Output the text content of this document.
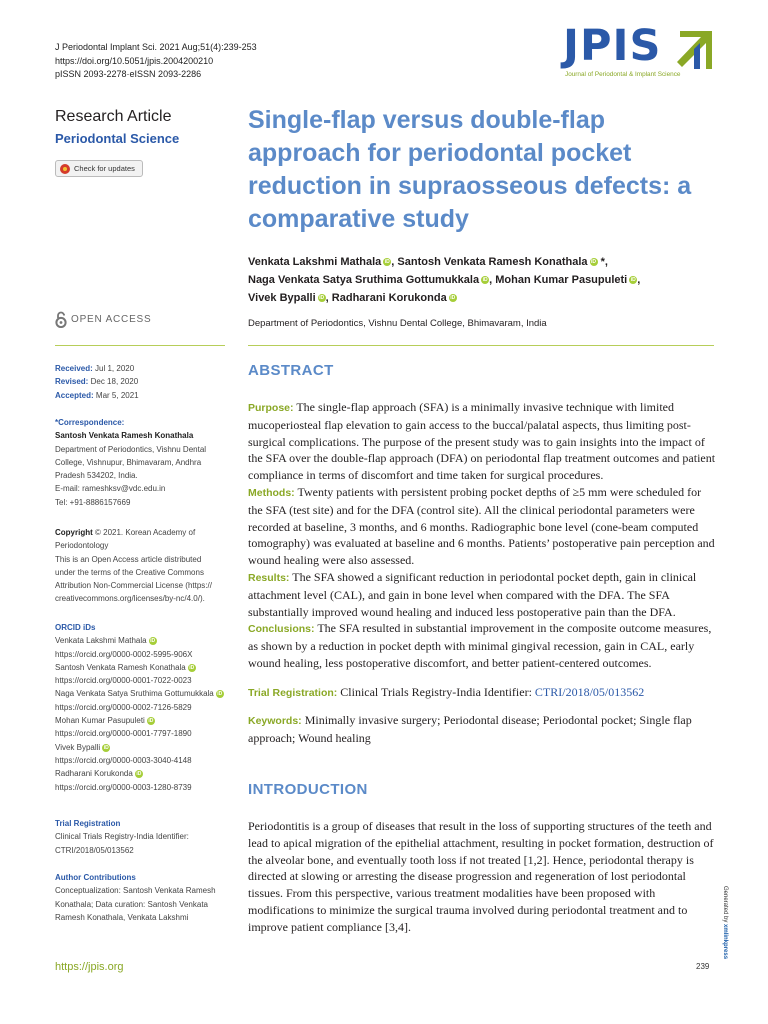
J Periodontal Implant Sci. 2021 Aug;51(4):239-253
https://doi.org/10.5051/jpis.2004200210
pISSN 2093-2278·eISSN 2093-2286
JPIS
Journal of Periodontal & Implant Science
Research Article
Periodontal Science
Check for updates
OPEN ACCESS
Received: Jul 1, 2020
Revised: Dec 18, 2020
Accepted: Mar 5, 2021
*Correspondence:
Santosh Venkata Ramesh Konathala
Department of Periodontics, Vishnu Dental
College, Vishnupur, Bhimavaram, Andhra
Pradesh 534202, India.
E-mail: rameshksv@vdc.edu.in
Tel: +91-8886157669
Copyright © 2021. Korean Academy of
Periodontology
This is an Open Access article distributed
under the terms of the Creative Commons
Attribution Non-Commercial License (https://
creativecommons.org/licenses/by-nc/4.0/).
ORCID iDs
Venkata Lakshmi Mathala iD
https://orcid.org/0000-0002-5995-906X
Santosh Venkata Ramesh Konathala iD
https://orcid.org/0000-0001-7022-0023
Naga Venkata Satya Sruthima Gottumukkala iD
https://orcid.org/0000-0002-7126-5829
Mohan Kumar Pasupuleti iD
https://orcid.org/0000-0001-7797-1890
Vivek Bypalli iD
https://orcid.org/0000-0003-3040-4148
Radharani Korukonda iD
https://orcid.org/0000-0003-1280-8739
Trial Registration
Clinical Trials Registry-India Identifier:
CTRI/2018/05/013562
Author Contributions
Conceptualization: Santosh Venkata Ramesh
Konathala; Data curation: Santosh Venkata
Ramesh Konathala, Venkata Lakshmi
https://jpis.org	239
Generated by xmlinkpress
Single-flap versus double-flap approach for periodontal pocket reduction in supraosseous defects: a comparative study
Venkata Lakshmi Mathala iD , Santosh Venkata Ramesh Konathala iD *,
Naga Venkata Satya Sruthima Gottumukkala iD , Mohan Kumar Pasupuleti iD ,
Vivek Bypalli iD , Radharani Korukonda iD
Department of Periodontics, Vishnu Dental College, Bhimavaram, India
ABSTRACT
Purpose: The single-flap approach (SFA) is a minimally invasive technique with limited mucoperiosteal flap elevation to gain access to the buccal/palatal aspects, thus limiting post-surgical complications. The purpose of the present study was to gain insights into the impact of the SFA over the double-flap approach (DFA) on periodontal flap treatment outcomes and patient compliance in terms of discomfort and time taken for surgical procedures.
Methods: Twenty patients with persistent probing pocket depths of ≥5 mm were scheduled for the SFA (test site) and for the DFA (control site). All the clinical periodontal parameters were recorded at baseline, 3 months, and 6 months. Radiographic bone level (cone-beam computed tomography) was evaluated at baseline and 6 months. Patients’ postoperative pain perception and wound healing were also assessed.
Results: The SFA showed a significant reduction in periodontal pocket depth, gain in clinical attachment level (CAL), and gain in bone level when compared with the DFA. The SFA substantially improved wound healing and induced less postoperative pain than the DFA.
Conclusions: The SFA resulted in substantial improvement in the composite outcome measures, as shown by a reduction in pocket depth with minimal gingival recession, gain in CAL, early wound healing, less postoperative discomfort, and better patient-centered outcomes.
Trial Registration: Clinical Trials Registry-India Identifier: CTRI/2018/05/013562
Keywords: Minimally invasive surgery; Periodontal disease; Periodontal pocket; Single flap approach; Wound healing
INTRODUCTION
Periodontitis is a group of diseases that result in the loss of supporting structures of the teeth and lead to apical migration of the epithelial attachment, resulting in pocket formation, destruction of the alveolar bone, and eventually tooth loss if not treated [1,2]. Hence, periodontal therapy is directed at slowing or arresting the disease progression and regeneration of lost periodontal tissues. From this perspective, various treatment modalities have been proposed with modifications to minimize the surgical trauma involved during periodontal treatment and to improve patient compliance [3,4].
